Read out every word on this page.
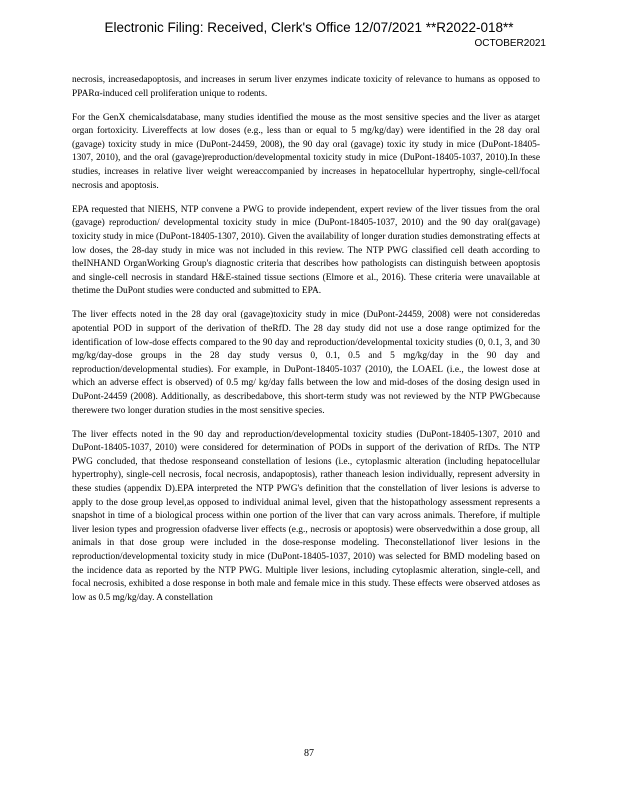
Electronic Filing: Received, Clerk's Office 12/07/2021 **R2022-018**
OCTOBER2021

necrosis, increasedapoptosis, and increases in serum liver enzymes indicate toxicity of relevance to humans as opposed to PPARα-induced cell proliferation unique to rodents.

For the GenX chemicalsdatabase, many studies identified the mouse as the most sensitive species and the liver as atarget organ fortoxicity. Livereffects at low doses (e.g., less than or equal to 5 mg/kg/day) were identified in the 28 day oral (gavage) toxicity study in mice (DuPont-24459, 2008), the 90 day oral (gavage) toxic ity study in mice (DuPont-18405-1307, 2010), and the oral (gavage)reproduction/developmental toxicity study in mice (DuPont-18405-1037, 2010).In these studies, increases in relative liver weight wereaccompanied by increases in hepatocellular hypertrophy, single-cell/focal necrosis and apoptosis.

EPA requested that NIEHS, NTP convene a PWG to provide independent, expert review of the liver tissues from the oral (gavage) reproduction/ developmental toxicity study in mice (DuPont-18405-1037, 2010) and the 90 day oral(gavage) toxicity study in mice (DuPont-18405-1307, 2010). Given the availability of longer duration studies demonstrating effects at low doses, the 28-day study in mice was not included in this review. The NTP PWG classified cell death according to theINHAND OrganWorking Group's diagnostic criteria that describes how pathologists can distinguish between apoptosis and single-cell necrosis in standard H&E-stained tissue sections (Elmore et al., 2016). These criteria were unavailable at thetime the DuPont studies were conducted and submitted to EPA.

The liver effects noted in the 28 day oral (gavage)toxicity study in mice (DuPont-24459, 2008) were not consideredas apotential POD in support of the derivation of theRfD. The 28 day study did not use a dose range optimized for the identification of low-dose effects compared to the 90 day and reproduction/developmental toxicity studies (0, 0.1, 3, and 30 mg/kg/day-dose groups in the 28 day study versus 0, 0.1, 0.5 and 5 mg/kg/day in the 90 day and reproduction/developmental studies). For example, in DuPont-18405-1037 (2010), the LOAEL (i.e., the lowest dose at which an adverse effect is observed) of 0.5 mg/ kg/day falls between the low and mid-doses of the dosing design used in DuPont-24459 (2008). Additionally, as describedabove, this short-term study was not reviewed by the NTP PWGbecause therewere two longer duration studies in the most sensitive species.

The liver effects noted in the 90 day and reproduction/developmental toxicity studies (DuPont-18405-1307, 2010 and DuPont-18405-1037, 2010) were considered for determination of PODs in support of the derivation of RfDs. The NTP PWG concluded, that thedose responseand constellation of lesions (i.e., cytoplasmic alteration (including hepatocellular hypertrophy), single-cell necrosis, focal necrosis, andapoptosis), rather thaneach lesion individually, represent adversity in these studies (appendix D).EPA interpreted the NTP PWG's definition that the constellation of liver lesions is adverse to apply to the dose group level,as opposed to individual animal level, given that the histopathology assessment represents a snapshot in time of a biological process within one portion of the liver that can vary across animals. Therefore, if multiple liver lesion types and progression ofadverse liver effects (e.g., necrosis or apoptosis) were observedwithin a dose group, all animals in that dose group were included in the dose-response modeling. Theconstellationof liver lesions in the reproduction/developmental toxicity study in mice (DuPont-18405-1037, 2010) was selected for BMD modeling based on the incidence data as reported by the NTP PWG. Multiple liver lesions, including cytoplasmic alteration, single-cell, and focal necrosis, exhibited a dose response in both male and female mice in this study. These effects were observed atdoses as low as 0.5 mg/kg/day. A constellation

87
